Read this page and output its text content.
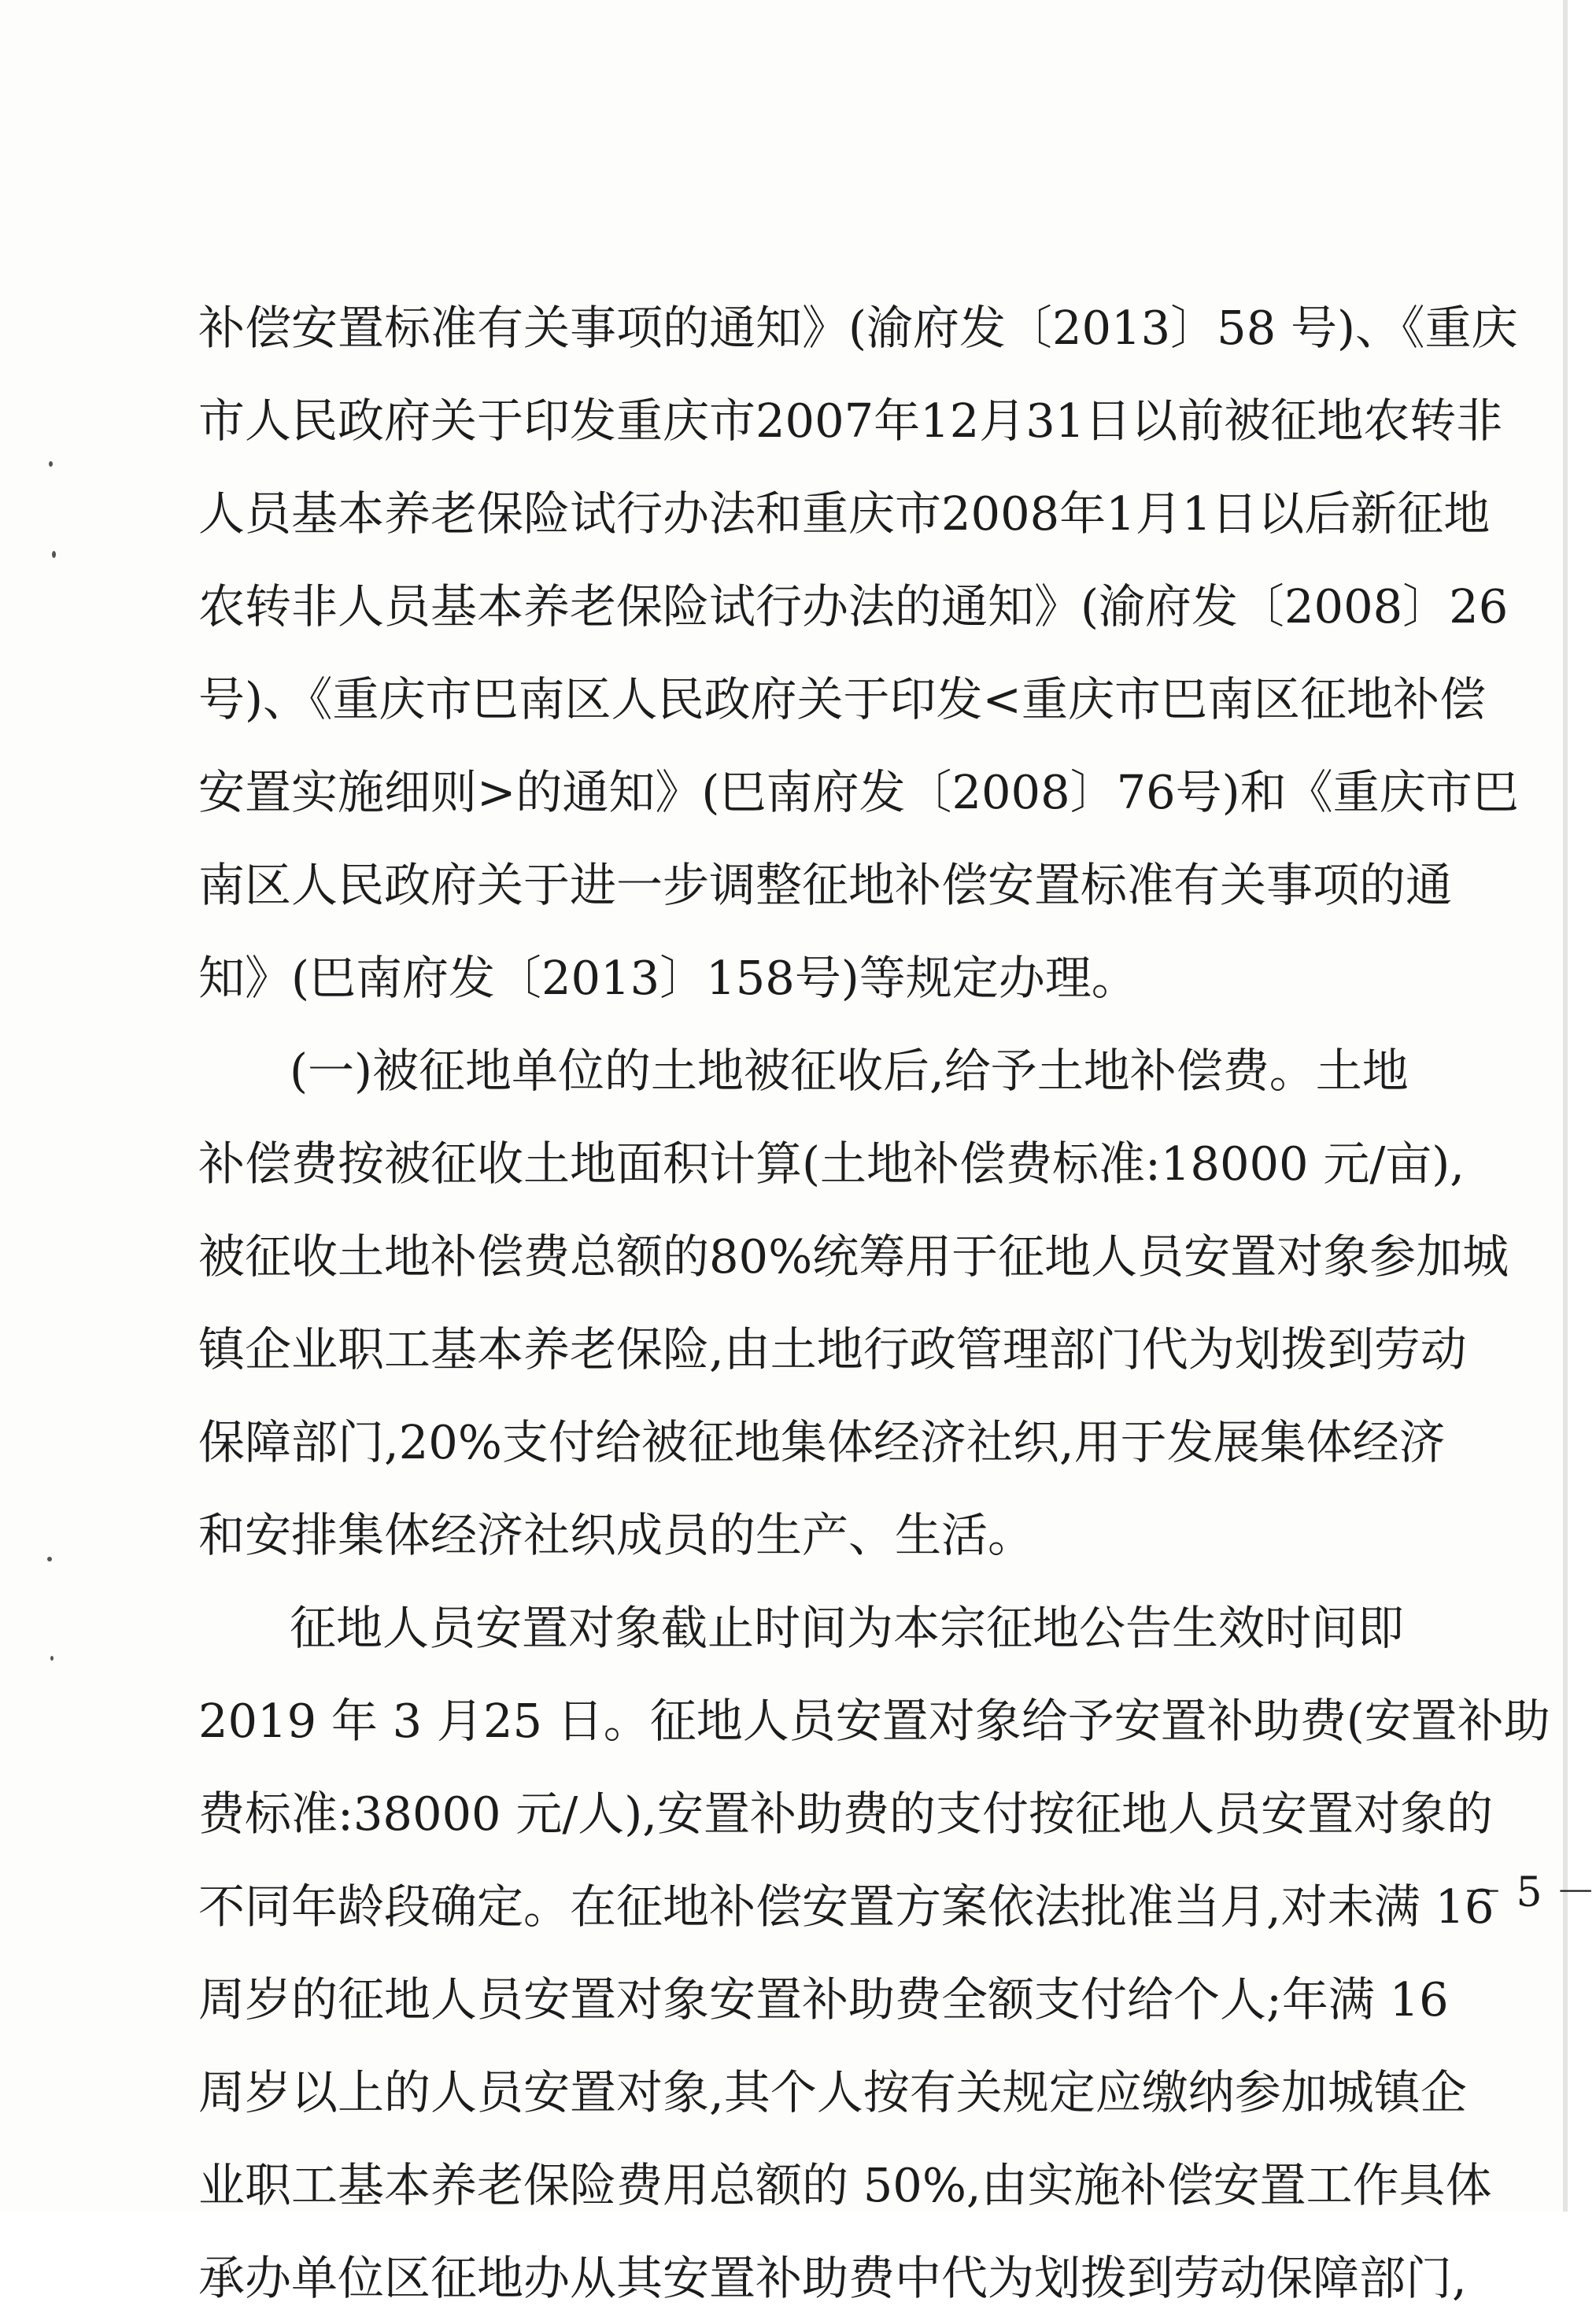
补偿安置标准有关事项的通知》(渝府发〔2013〕58 号)、《重庆
市人民政府关于印发重庆市2007年12月31日以前被征地农转非
人员基本养老保险试行办法和重庆市2008年1月1日以后新征地
农转非人员基本养老保险试行办法的通知》(渝府发〔2008〕26
号)、《重庆市巴南区人民政府关于印发<重庆市巴南区征地补偿
安置实施细则>的通知》(巴南府发〔2008〕76号)和《重庆市巴
南区人民政府关于进一步调整征地补偿安置标准有关事项的通
知》(巴南府发〔2013〕158号)等规定办理。
(一)被征地单位的土地被征收后,给予土地补偿费。土地
补偿费按被征收土地面积计算(土地补偿费标准:18000 元/亩),
被征收土地补偿费总额的80%统筹用于征地人员安置对象参加城
镇企业职工基本养老保险,由土地行政管理部门代为划拨到劳动
保障部门,20%支付给被征地集体经济社织,用于发展集体经济
和安排集体经济社织成员的生产、生活。
征地人员安置对象截止时间为本宗征地公告生效时间即
2019 年 3 月25 日。征地人员安置对象给予安置补助费(安置补助
费标准:38000 元/人),安置补助费的支付按征地人员安置对象的
不同年龄段确定。在征地补偿安置方案依法批准当月,对未满 16
周岁的征地人员安置对象安置补助费全额支付给个人;年满 16
周岁以上的人员安置对象,其个人按有关规定应缴纳参加城镇企
业职工基本养老保险费用总额的 50%,由实施补偿安置工作具体
承办单位区征地办从其安置补助费中代为划拨到劳动保障部门,
－ 5 －
